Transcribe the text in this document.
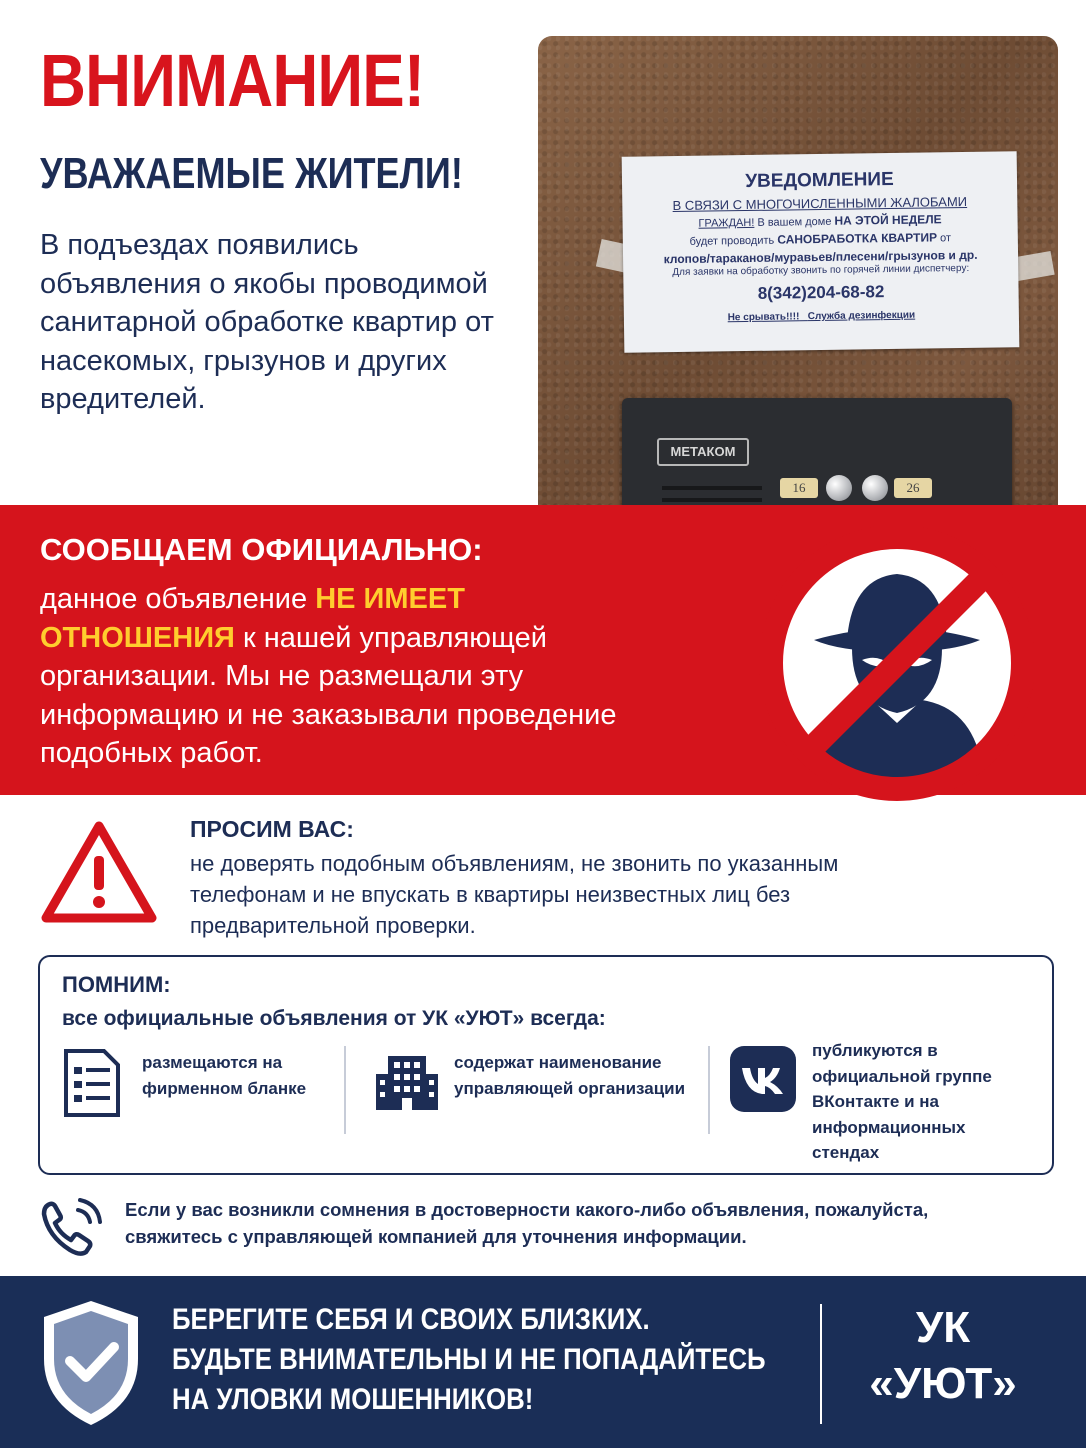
ВНИМАНИЕ!
УВАЖАЕМЫЕ ЖИТЕЛИ!
В подъездах появились объявления о якобы проводимой санитарной обработке квартир от насекомых, грызунов и других вредителей.
УВЕДОМЛЕНИЕ
В СВЯЗИ С МНОГОЧИСЛЕННЫМИ ЖАЛОБАМИ
ГРАЖДАН! В вашем доме НА ЭТОЙ НЕДЕЛЕ
будет проводить САНОБРАБОТКА КВАРТИР от
клопов/тараканов/муравьев/плесени/грызунов и др.
Для заявки на обработку звонить по горячей линии диспетчеру:
8(342)204-68-82
Не срывать!!!! Служба дезинфекции
МЕТАКОМ
16	26
СООБЩАЕМ ОФИЦИАЛЬНО:
данное объявление НЕ ИМЕЕТ ОТНОШЕНИЯ к нашей управляющей организации. Мы не размещали эту информацию и не заказывали проведение подобных работ.
ПРОСИМ ВАС:
не доверять подобным объявлениям, не звонить по указанным телефонам и не впускать в квартиры неизвестных лиц без предварительной проверки.
ПОМНИМ:
все официальные объявления от УК «УЮТ» всегда:
размещаются на фирменном бланке
содержат наименование управляющей организации
публикуются в официальной группе ВКонтакте и на информационных стендах
Если у вас возникли сомнения в достоверности какого-либо объявления, пожалуйста, свяжитесь с управляющей компанией для уточнения информации.
БЕРЕГИТЕ СЕБЯ И СВОИХ БЛИЗКИХ.
БУДЬТЕ ВНИМАТЕЛЬНЫ И НЕ ПОПАДАЙТЕСЬ
НА УЛОВКИ МОШЕННИКОВ!
УК
«УЮТ»
